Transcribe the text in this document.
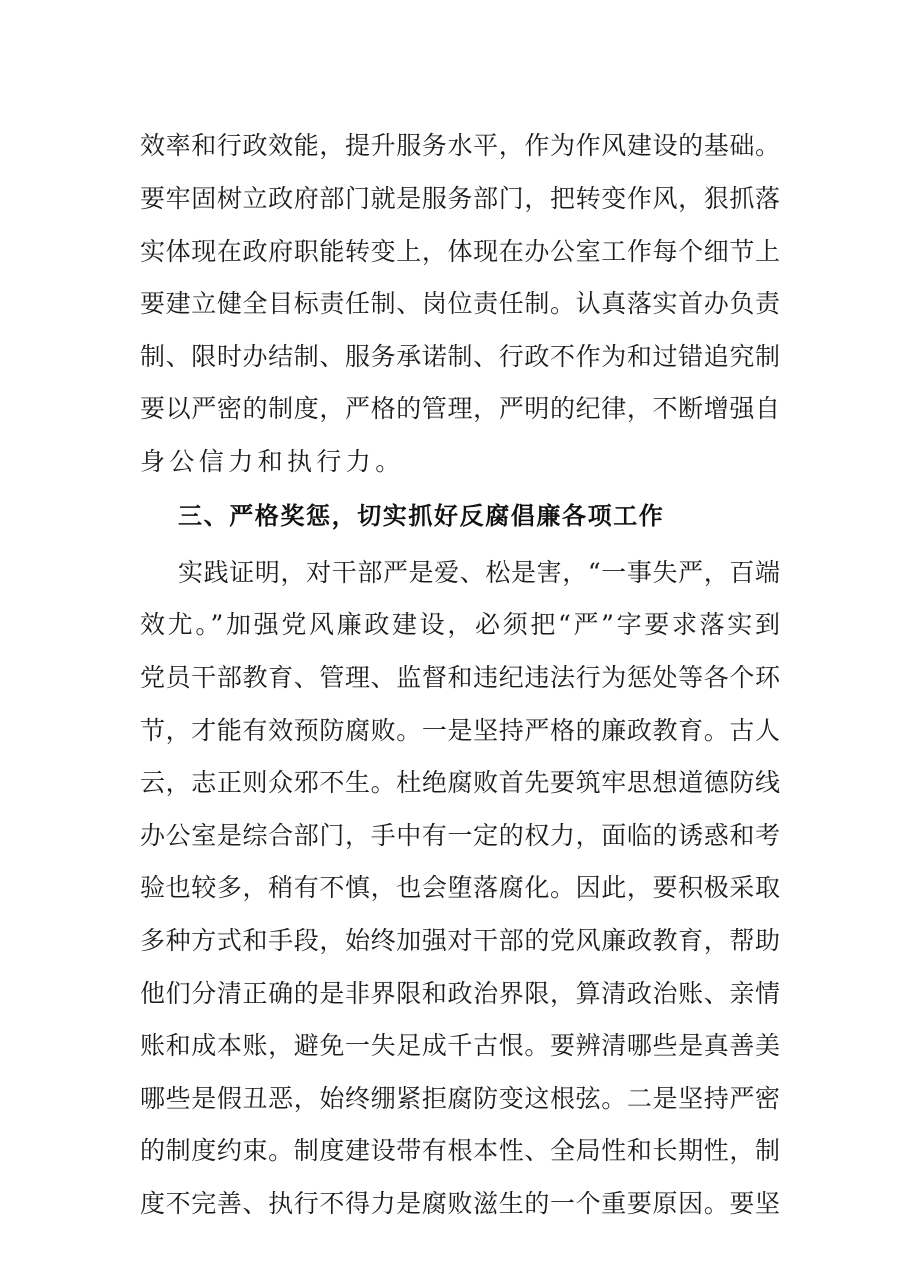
效率和行政效能，提升服务水平，作为作风建设的基础。
要牢固树立政府部门就是服务部门，把转变作风，狠抓落
实体现在政府职能转变上，体现在办公室工作每个细节上
要建立健全目标责任制、岗位责任制。认真落实首办负责
制、限时办结制、服务承诺制、行政不作为和过错追究制
要以严密的制度，严格的管理，严明的纪律，不断增强自
身公信力和执行力。
三、严格奖惩，切实抓好反腐倡廉各项工作
实践证明，对干部严是爱、松是害，“一事失严，百端
效尤。”加强党风廉政建设，必须把“严”字要求落实到
党员干部教育、管理、监督和违纪违法行为惩处等各个环
节，才能有效预防腐败。一是坚持严格的廉政教育。古人
云，志正则众邪不生。杜绝腐败首先要筑牢思想道德防线
办公室是综合部门，手中有一定的权力，面临的诱惑和考
验也较多，稍有不慎，也会堕落腐化。因此，要积极采取
多种方式和手段，始终加强对干部的党风廉政教育，帮助
他们分清正确的是非界限和政治界限，算清政治账、亲情
账和成本账，避免一失足成千古恨。要辨清哪些是真善美
哪些是假丑恶，始终绷紧拒腐防变这根弦。二是坚持严密
的制度约束。制度建设带有根本性、全局性和长期性，制
度不完善、执行不得力是腐败滋生的一个重要原因。要坚
